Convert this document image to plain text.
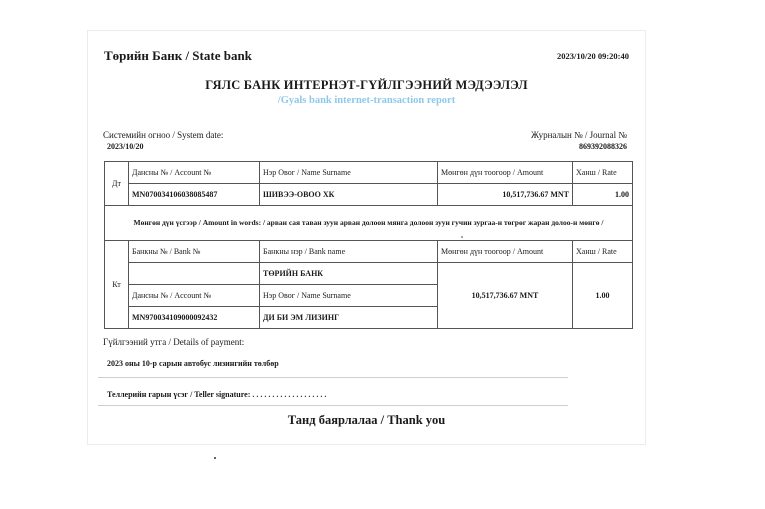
Төрийн Банк / State bank	2023/10/20 09:20:40
ГЯЛС БАНК ИНТЕРНЭТ-ГҮЙЛГЭЭНИЙ МЭДЭЭЛЭЛ
/Gyals bank internet-transaction report
Системийн огноо / System date:
2023/10/20
Журналын № / Journal №
869392088326
Дт	Дансны № / Account №	Нэр Овог / Name Surname	Мөнгөн дүн тоогоор / Amount	Ханш / Rate
	MN070034106038085487	ШИВЭЭ-ОВОО ХК	10,517,736.67 MNT	1.00
Мөнгөн дүн үсгээр / Amount in words: / арван сая таван зуун арван долоон мянга долоон зуун гучин зургаа-н төгрөг жаран долоо-н мөнгө /				
Кт	Банкны № / Bank №	Банкны нэр / Bank name	Мөнгөн дүн тоогоор / Amount	Ханш / Rate
		ТӨРИЙН БАНК	10,517,736.67 MNT	1.00
	Дансны № / Account №	Нэр Овог / Name Surname		
	MN970034109000092432	ДИ БИ ЭМ ЛИЗИНГ		
Гүйлгээний утга / Details of payment:
2023 оны 10-р сарын автобус лизингийн төлбөр
Теллерийн гарын үсэг / Teller signature: . . . . . . . . . . . . . . . . . . .
Танд баярлалаа / Thank you
